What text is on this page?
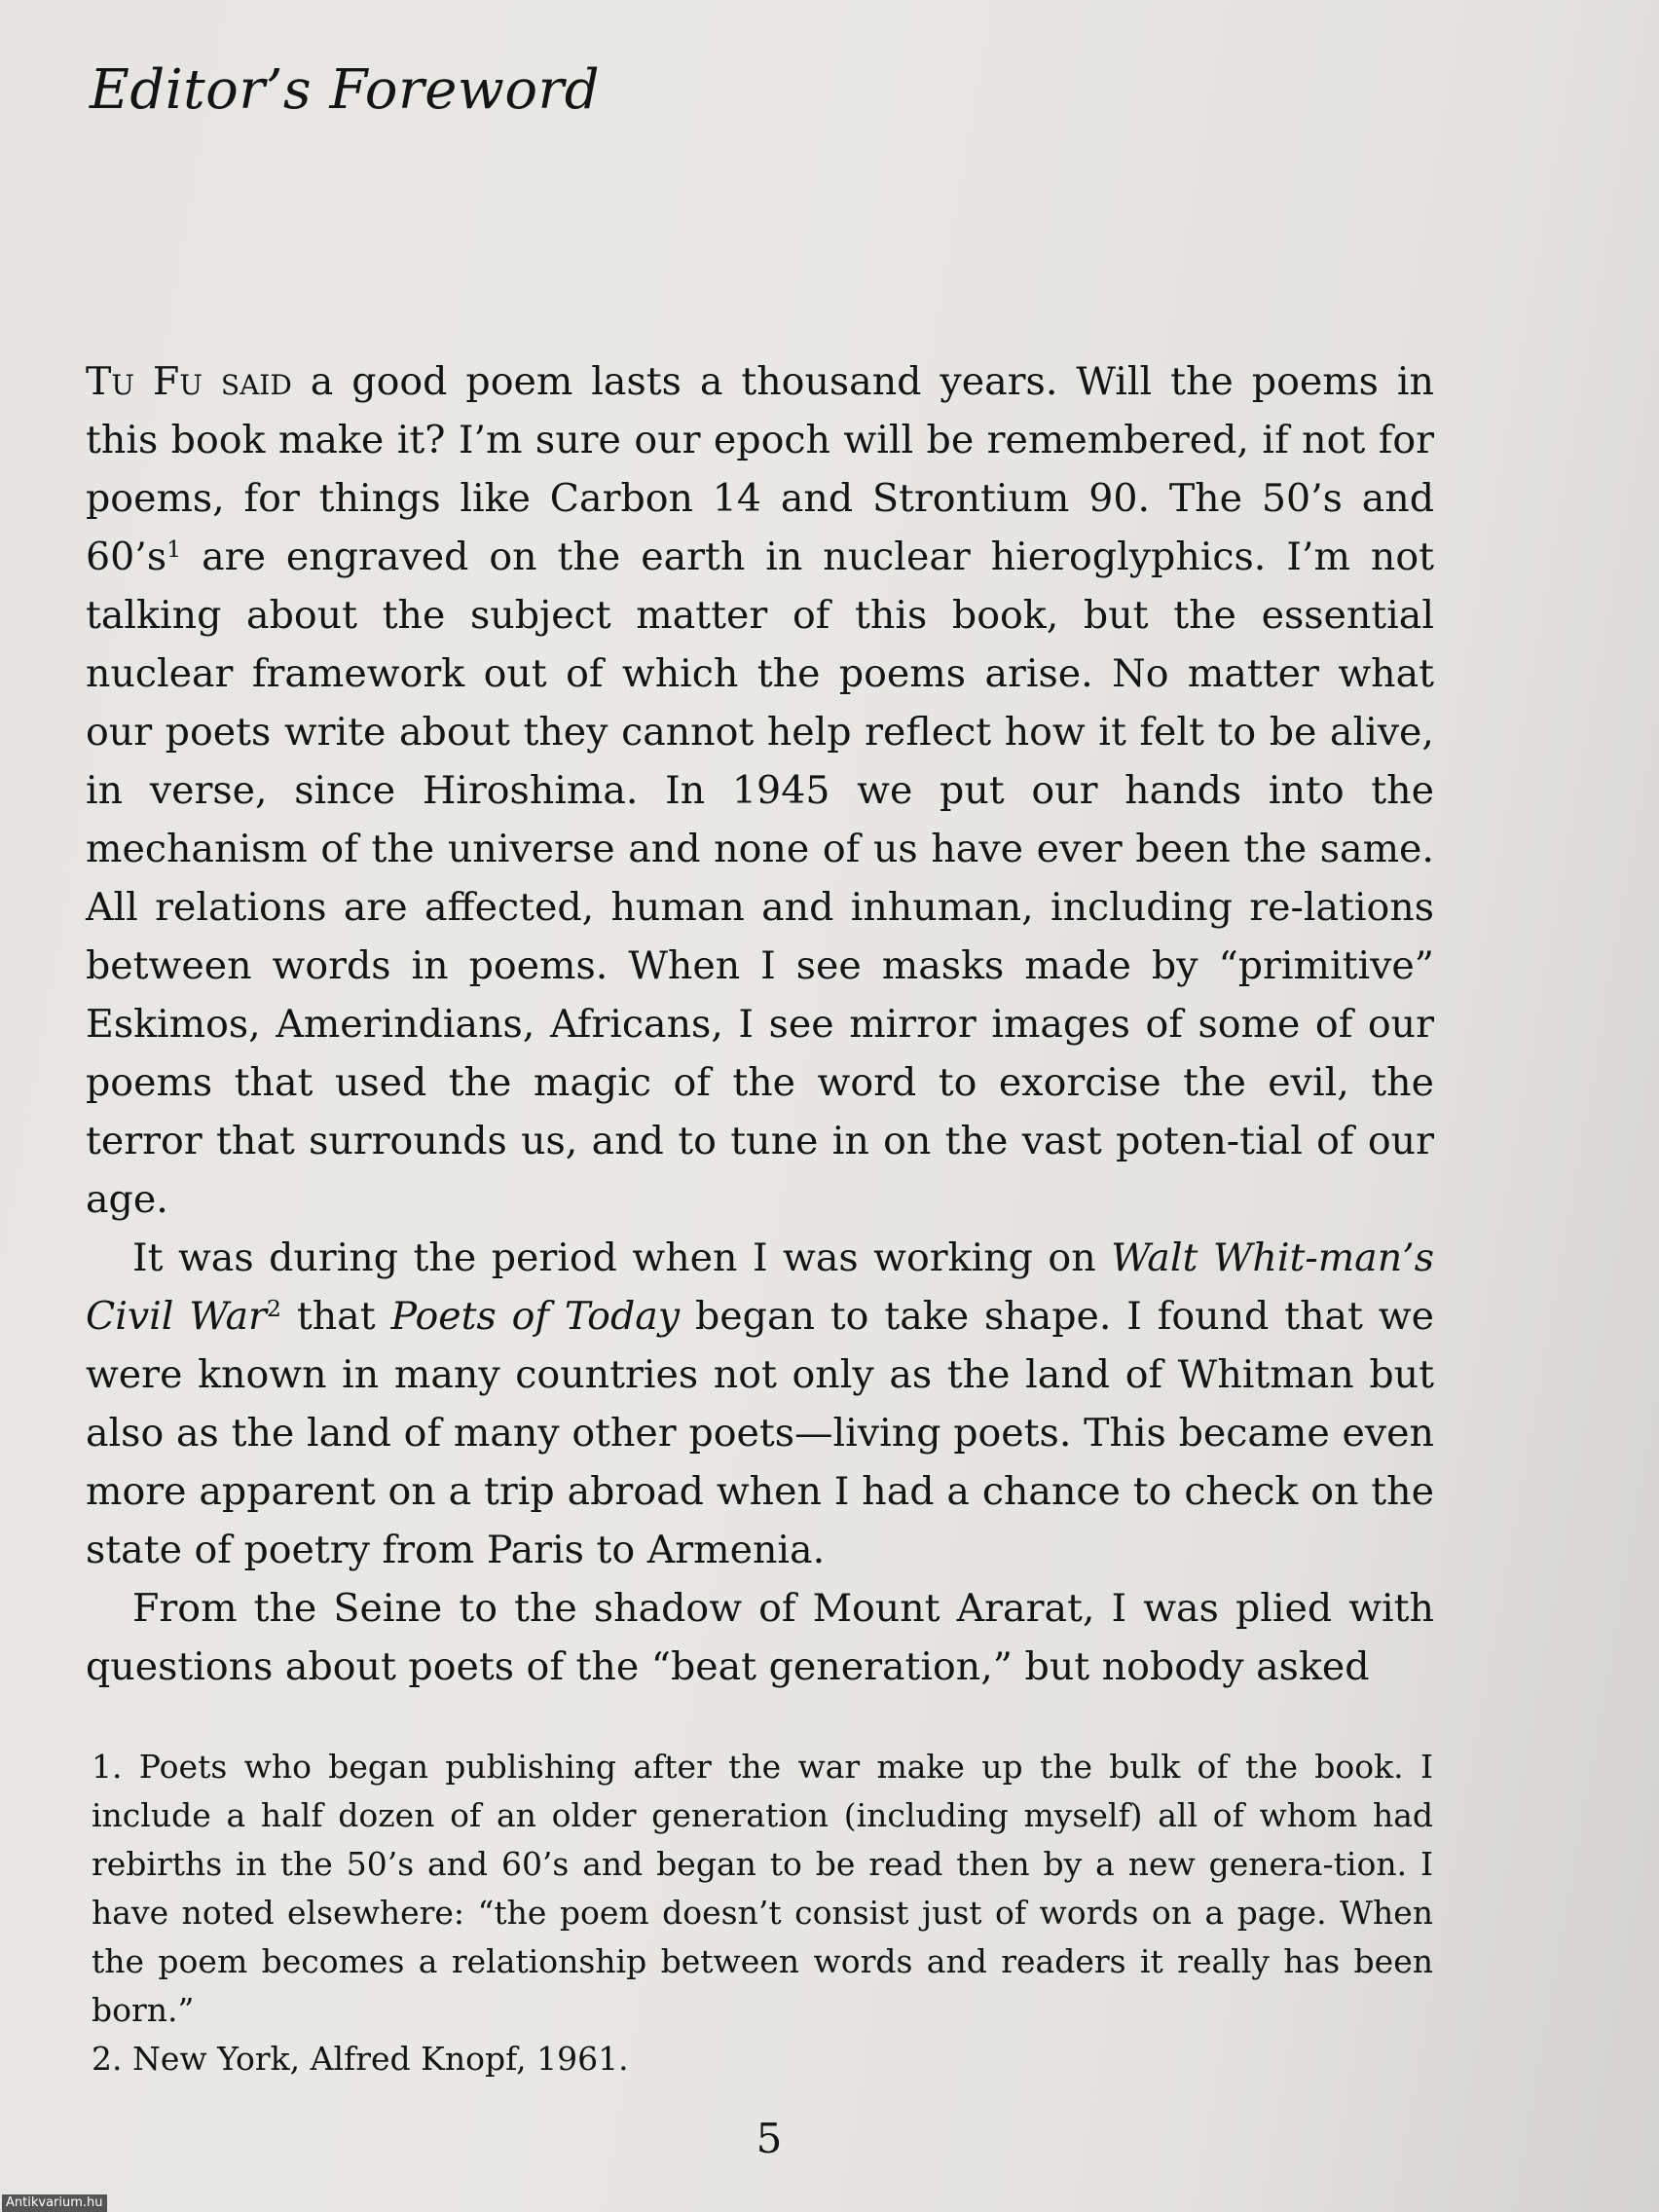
Editor’s Foreword

Tu Fu said a good poem lasts a thousand years. Will the poems in this book make it? I’m sure our epoch will be remembered, if not for poems, for things like Carbon 14 and Strontium 90. The 50’s and $60’s^1$ are engraved on the earth in nuclear hieroglyphics. I’m not talking about the subject matter of this book, but the essential nuclear framework out of which the poems arise. No matter what our poets write about they cannot help reflect how it felt to be alive, in verse, since Hiroshima. In 1945 we put our hands into the mechanism of the universe and none of us have ever been the same. All relations are affected, human and inhuman, including re-lations between words in poems. When I see masks made by “primitive” Eskimos, Amerindians, Africans, I see mirror images of some of our poems that used the magic of the word to exorcise the evil, the terror that surrounds us, and to tune in on the vast poten-tial of our age.

It was during the period when I was working on Walt Whit-man’s Civil War$^2$ that Poets of Today began to take shape. I found that we were known in many countries not only as the land of Whitman but also as the land of many other poets—living poets. This became even more apparent on a trip abroad when I had a chance to check on the state of poetry from Paris to Armenia.

From the Seine to the shadow of Mount Ararat, I was plied with questions about poets of the “beat generation,” but nobody asked

1. Poets who began publishing after the war make up the bulk of the book. I include a half dozen of an older generation (including myself) all of whom had rebirths in the 50’s and 60’s and began to be read then by a new genera-tion. I have noted elsewhere: “the poem doesn’t consist just of words on a page. When the poem becomes a relationship between words and readers it really has been born.”

2. New York, Alfred Knopf, 1961.

5
Antikvarium.hu
